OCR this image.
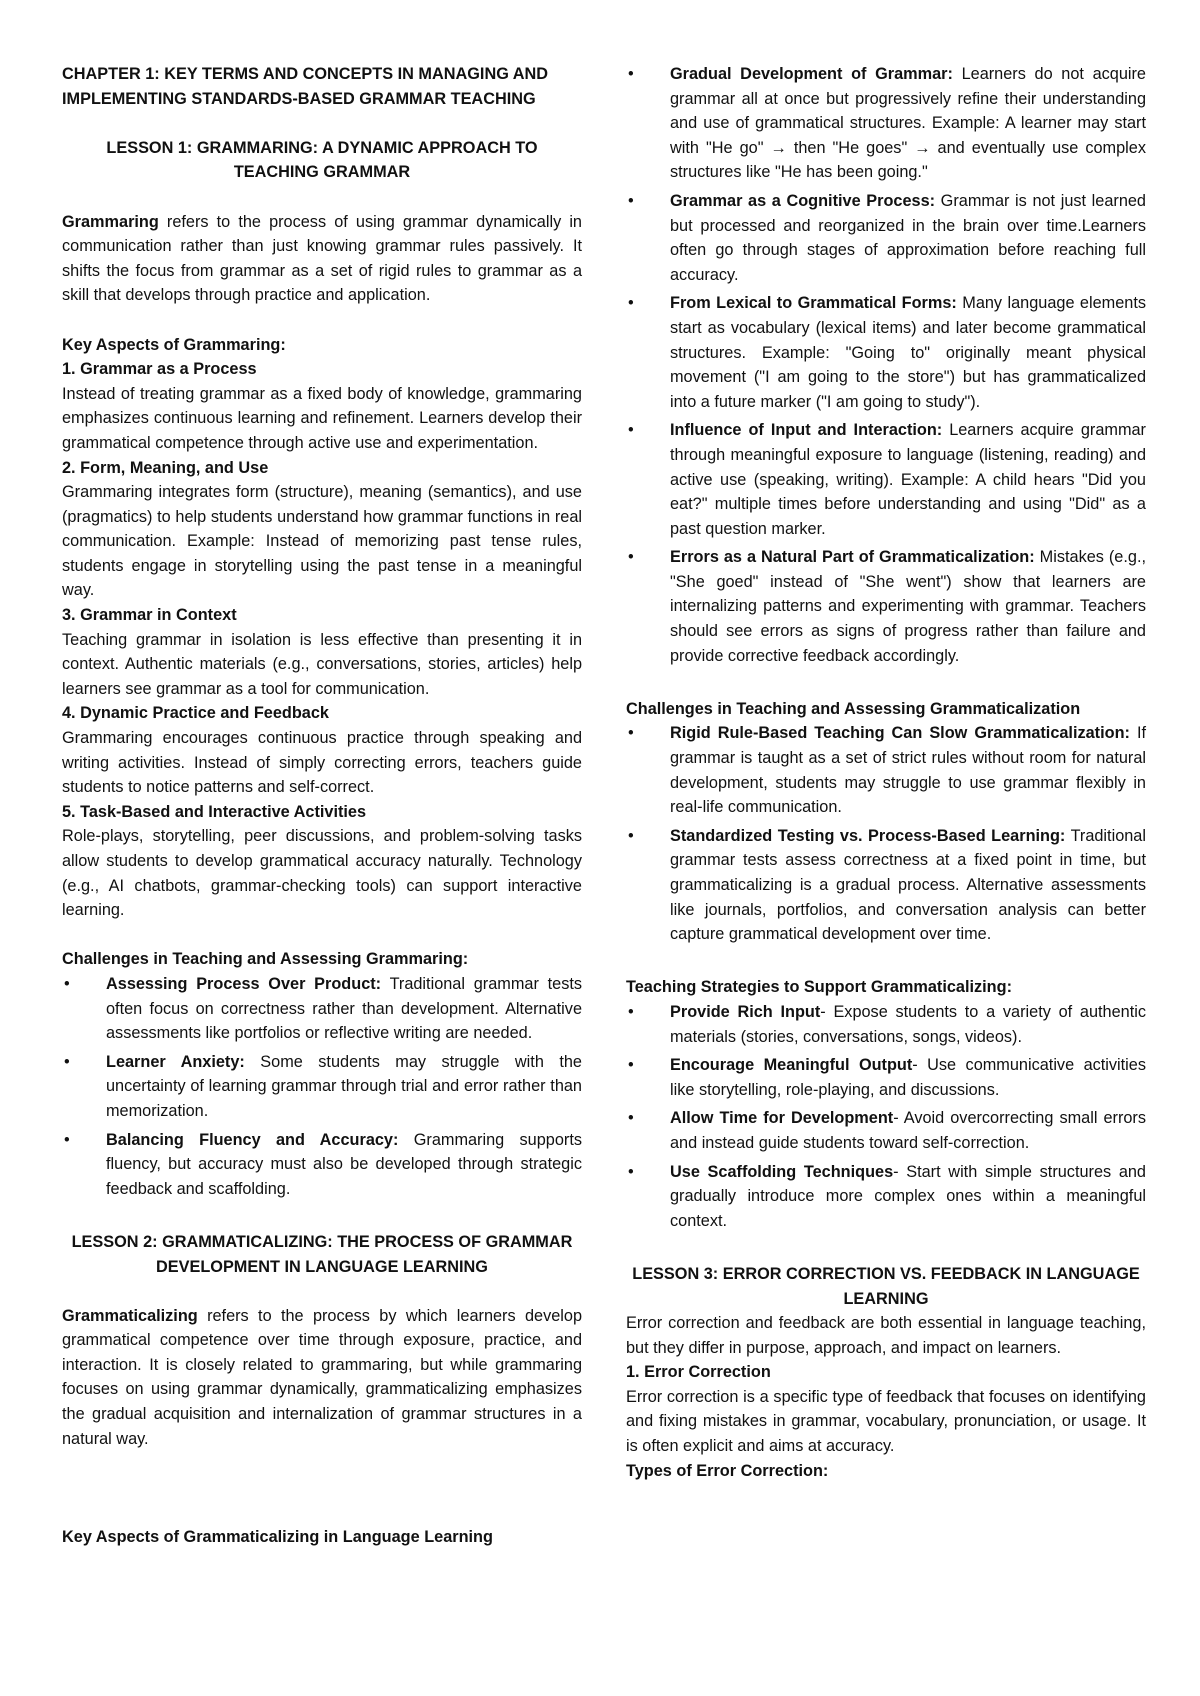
CHAPTER 1: KEY TERMS AND CONCEPTS IN MANAGING AND IMPLEMENTING STANDARDS-BASED GRAMMAR TEACHING

LESSON 1: GRAMMARING: A DYNAMIC APPROACH TO TEACHING GRAMMAR

Grammaring refers to the process of using grammar dynamically in communication rather than just knowing grammar rules passively. It shifts the focus from grammar as a set of rigid rules to grammar as a skill that develops through practice and application.

Key Aspects of Grammaring:

1. Grammar as a Process

Instead of treating grammar as a fixed body of knowledge, grammaring emphasizes continuous learning and refinement. Learners develop their grammatical competence through active use and experimentation.

2. Form, Meaning, and Use

Grammaring integrates form (structure), meaning (semantics), and use (pragmatics) to help students understand how grammar functions in real communication. Example: Instead of memorizing past tense rules, students engage in storytelling using the past tense in a meaningful way.

3. Grammar in Context

Teaching grammar in isolation is less effective than presenting it in context. Authentic materials (e.g., conversations, stories, articles) help learners see grammar as a tool for communication.

4. Dynamic Practice and Feedback

Grammaring encourages continuous practice through speaking and writing activities. Instead of simply correcting errors, teachers guide students to notice patterns and self-correct.

5. Task-Based and Interactive Activities

Role-plays, storytelling, peer discussions, and problem-solving tasks allow students to develop grammatical accuracy naturally. Technology (e.g., AI chatbots, grammar-checking tools) can support interactive learning.

Challenges in Teaching and Assessing Grammaring:

• Assessing Process Over Product: Traditional grammar tests often focus on correctness rather than development. Alternative assessments like portfolios or reflective writing are needed.
• Learner Anxiety: Some students may struggle with the uncertainty of learning grammar through trial and error rather than memorization.
• Balancing Fluency and Accuracy: Grammaring supports fluency, but accuracy must also be developed through strategic feedback and scaffolding.

LESSON 2: GRAMMATICALIZING: THE PROCESS OF GRAMMAR DEVELOPMENT IN LANGUAGE LEARNING

Grammaticalizing refers to the process by which learners develop grammatical competence over time through exposure, practice, and interaction. It is closely related to grammaring, but while grammaring focuses on using grammar dynamically, grammaticalizing emphasizes the gradual acquisition and internalization of grammar structures in a natural way.

Key Aspects of Grammaticalizing in Language Learning

• Gradual Development of Grammar: Learners do not acquire grammar all at once but progressively refine their understanding and use of grammatical structures. Example: A learner may start with "He go" → then "He goes" → and eventually use complex structures like "He has been going."
• Grammar as a Cognitive Process: Grammar is not just learned but processed and reorganized in the brain over time.Learners often go through stages of approximation before reaching full accuracy.
• From Lexical to Grammatical Forms: Many language elements start as vocabulary (lexical items) and later become grammatical structures. Example: "Going to" originally meant physical movement ("I am going to the store") but has grammaticalized into a future marker ("I am going to study").
• Influence of Input and Interaction: Learners acquire grammar through meaningful exposure to language (listening, reading) and active use (speaking, writing). Example: A child hears "Did you eat?" multiple times before understanding and using "Did" as a past question marker.
• Errors as a Natural Part of Grammaticalization: Mistakes (e.g., "She goed" instead of "She went") show that learners are internalizing patterns and experimenting with grammar. Teachers should see errors as signs of progress rather than failure and provide corrective feedback accordingly.

Challenges in Teaching and Assessing Grammaticalization

• Rigid Rule-Based Teaching Can Slow Grammaticalization: If grammar is taught as a set of strict rules without room for natural development, students may struggle to use grammar flexibly in real-life communication.
• Standardized Testing vs. Process-Based Learning: Traditional grammar tests assess correctness at a fixed point in time, but grammaticalizing is a gradual process. Alternative assessments like journals, portfolios, and conversation analysis can better capture grammatical development over time.

Teaching Strategies to Support Grammaticalizing:

• Provide Rich Input- Expose students to a variety of authentic materials (stories, conversations, songs, videos).
• Encourage Meaningful Output- Use communicative activities like storytelling, role-playing, and discussions.
• Allow Time for Development- Avoid overcorrecting small errors and instead guide students toward self-correction.
• Use Scaffolding Techniques- Start with simple structures and gradually introduce more complex ones within a meaningful context.

LESSON 3: ERROR CORRECTION VS. FEEDBACK IN LANGUAGE LEARNING

Error correction and feedback are both essential in language teaching, but they differ in purpose, approach, and impact on learners.

1. Error Correction

Error correction is a specific type of feedback that focuses on identifying and fixing mistakes in grammar, vocabulary, pronunciation, or usage. It is often explicit and aims at accuracy.

Types of Error Correction:
